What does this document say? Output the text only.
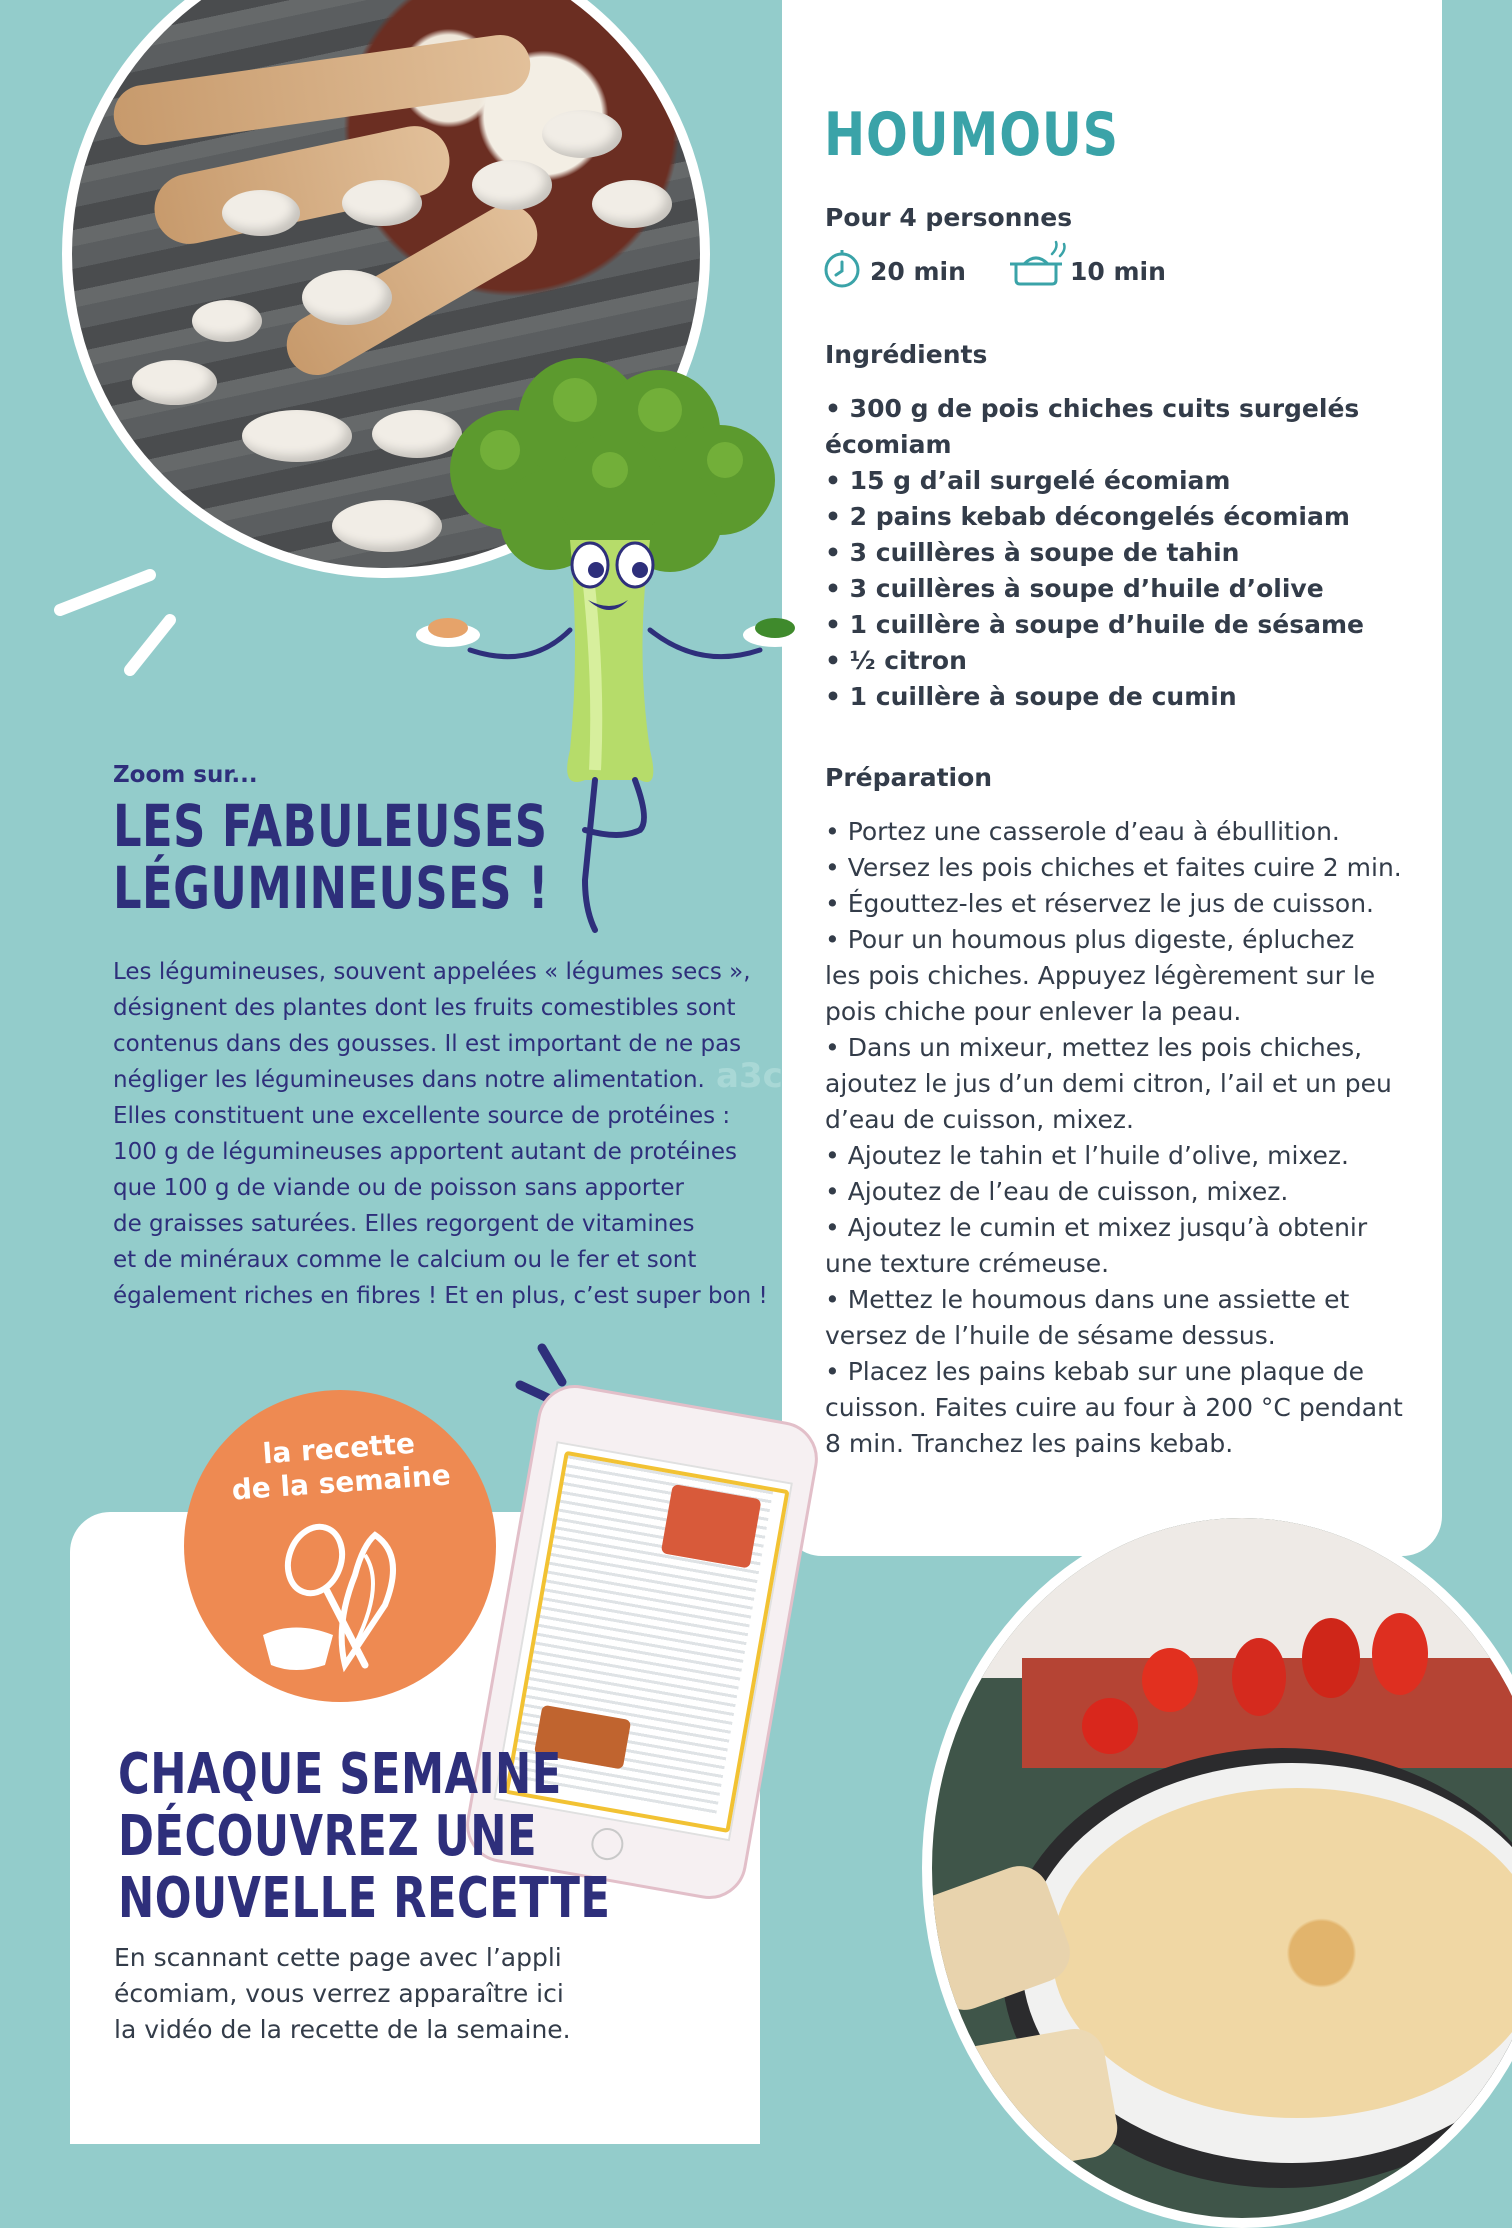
HOUMOUS
Pour 4 personnes
20 min	10 min
Ingrédients
• 300 g de pois chiches cuits surgelés
écomiam
• 15 g d’ail surgelé écomiam
• 2 pains kebab décongelés écomiam
• 3 cuillères à soupe de tahin
• 3 cuillères à soupe d’huile d’olive
• 1 cuillère à soupe d’huile de sésame
• ½ citron
• 1 cuillère à soupe de cumin
Préparation
• Portez une casserole d’eau à ébullition.
• Versez les pois chiches et faites cuire 2 min.
• Égouttez-les et réservez le jus de cuisson.
• Pour un houmous plus digeste, épluchez
les pois chiches. Appuyez légèrement sur le
pois chiche pour enlever la peau.
• Dans un mixeur, mettez les pois chiches,
ajoutez le jus d’un demi citron, l’ail et un peu
d’eau de cuisson, mixez.
• Ajoutez le tahin et l’huile d’olive, mixez.
• Ajoutez de l’eau de cuisson, mixez.
• Ajoutez le cumin et mixez jusqu’à obtenir
une texture crémeuse.
• Mettez le houmous dans une assiette et
versez de l’huile de sésame dessus.
• Placez les pains kebab sur une plaque de
cuisson. Faites cuire au four à 200 °C pendant
8 min. Tranchez les pains kebab.
Zoom sur...
LES FABULEUSES
LÉGUMINEUSES !
Les légumineuses, souvent appelées « légumes secs »,
désignent des plantes dont les fruits comestibles sont
contenus dans des gousses. Il est important de ne pas
négliger les légumineuses dans notre alimentation.
Elles constituent une excellente source de protéines :
100 g de légumineuses apportent autant de protéines
que 100 g de viande ou de poisson sans apporter
de graisses saturées. Elles regorgent de vitamines
et de minéraux comme le calcium ou le fer et sont
également riches en fibres ! Et en plus, c’est super bon !
a3c
la recette
de la semaine
CHAQUE SEMAINE
DÉCOUVREZ UNE
NOUVELLE RECETTE
En scannant cette page avec l’appli
écomiam, vous verrez apparaître ici
la vidéo de la recette de la semaine.
